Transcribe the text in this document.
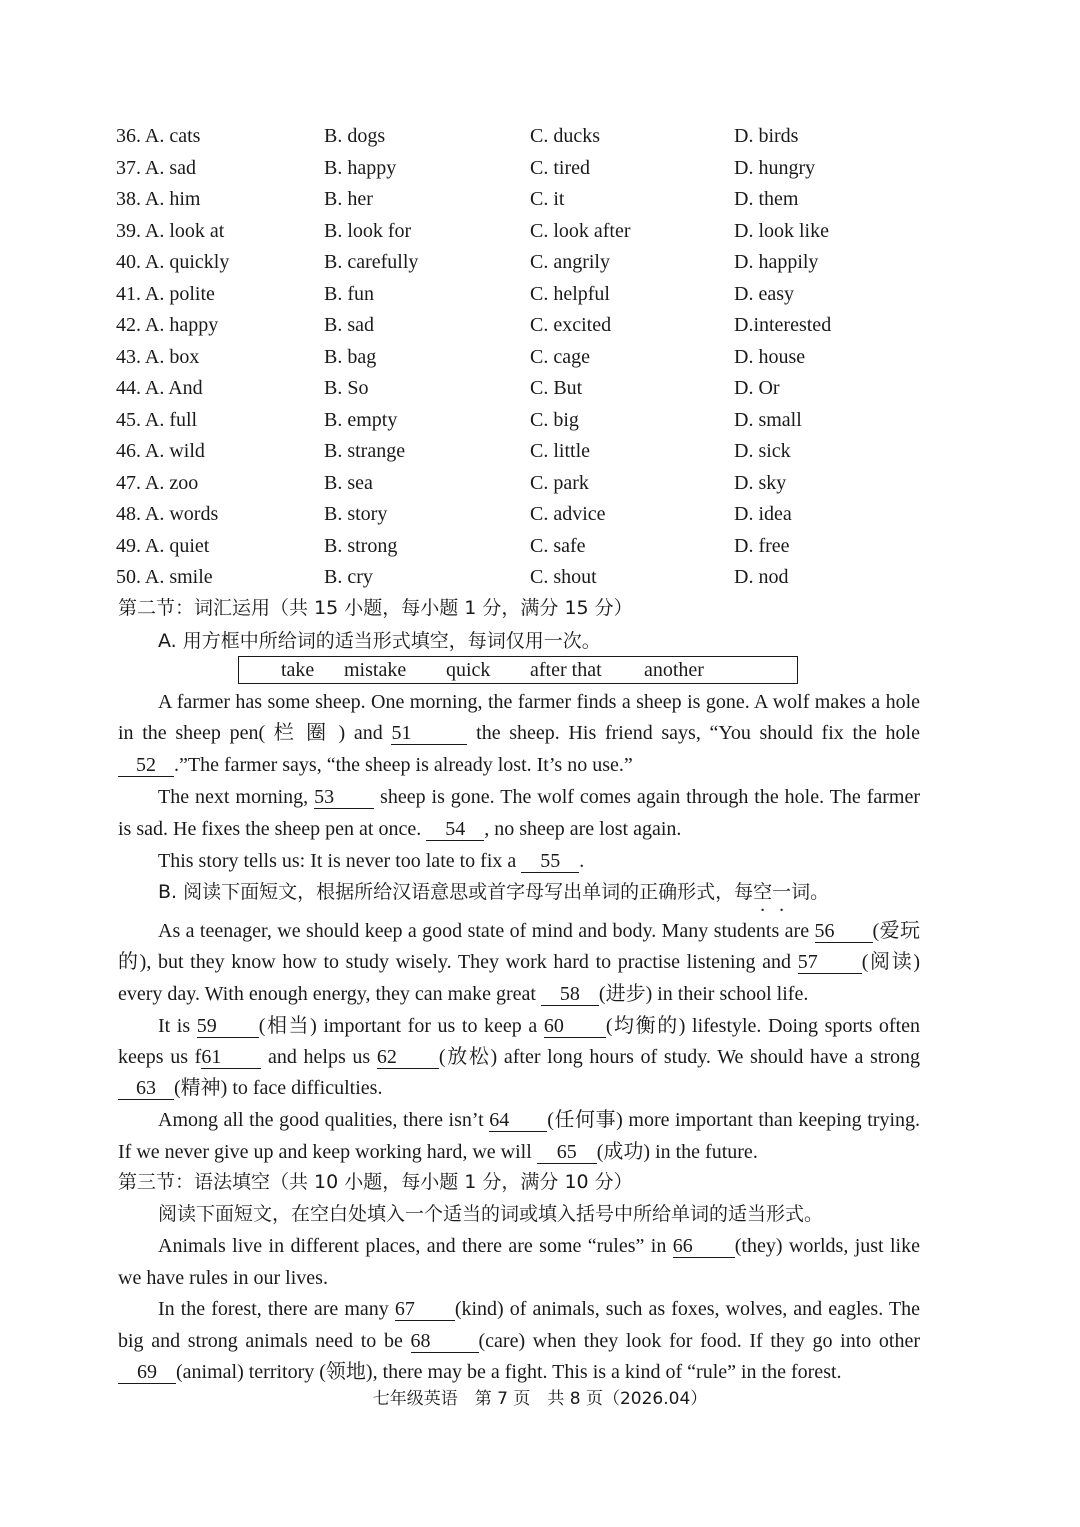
36. A. cats	B. dogs	C. ducks	D. birds
37. A. sad	B. happy	C. tired	D. hungry
38. A. him	B. her	C. it	D. them
39. A. look at	B. look for	C. look after	D. look like
40. A. quickly	B. carefully	C. angrily	D. happily
41. A. polite	B. fun	C. helpful	D. easy
42. A. happy	B. sad	C. excited	D.interested
43. A. box	B. bag	C. cage	D. house
44. A. And	B. So	C. But	D. Or
45. A. full	B. empty	C. big	D. small
46. A. wild	B. strange	C. little	D. sick
47. A. zoo	B. sea	C. park	D. sky
48. A. words	B. story	C. advice	D. idea
49. A. quiet	B. strong	C. safe	D. free
50. A. smile	B. cry	C. shout	D. nod
第二节：词汇运用（共 15 小题，每小题 1 分，满分 15 分）
A. 用方框中所给词的适当形式填空，每词仅用一次。
take mistake quick after that another
A farmer has some sheep. One morning, the farmer finds a sheep is gone. A wolf makes a hole
in the sheep pen( 栏 圈 ) and 51	the sheep. His friend says, “You should fix the hole
52 .”The farmer says, “the sheep is already lost. It’s no use.”
The next morning, 53 sheep is gone. The wolf comes again through the hole. The farmer
is sad. He fixes the sheep pen at once. 54 , no sheep are lost again.
This story tells us: It is never too late to fix a 55 .
B. 阅读下面短文，根据所给汉语意思或首字母写出单词的正确形式，每空一词。
As a teenager, we should keep a good state of mind and body. Many students are 56 (爱玩
的), but they know how to study wisely. They work hard to practise listening and 57 (阅读)
every day. With enough energy, they can make great 58 (进步) in their school life.
It is 59 (相当) important for us to keep a 60 (均衡的) lifestyle. Doing sports often
keeps us f61 and helps us 62 (放松) after long hours of study. We should have a strong
63 (精神) to face difficulties.
Among all the good qualities, there isn’t 64 (任何事) more important than keeping trying.
If we never give up and keep working hard, we will 65 (成功) in the future.
第三节：语法填空（共 10 小题，每小题 1 分，满分 10 分）
阅读下面短文，在空白处填入一个适当的词或填入括号中所给单词的适当形式。
Animals live in different places, and there are some “rules” in 66 (they) worlds, just like
we have rules in our lives.
In the forest, there are many 67 (kind) of animals, such as foxes, wolves, and eagles. The
big and strong animals need to be 68 (care) when they look for food. If they go into other
69 (animal) territory (领地), there may be a fight. This is a kind of “rule” in the forest.
七年级英语　第 7 页　共 8 页（2026.04）
